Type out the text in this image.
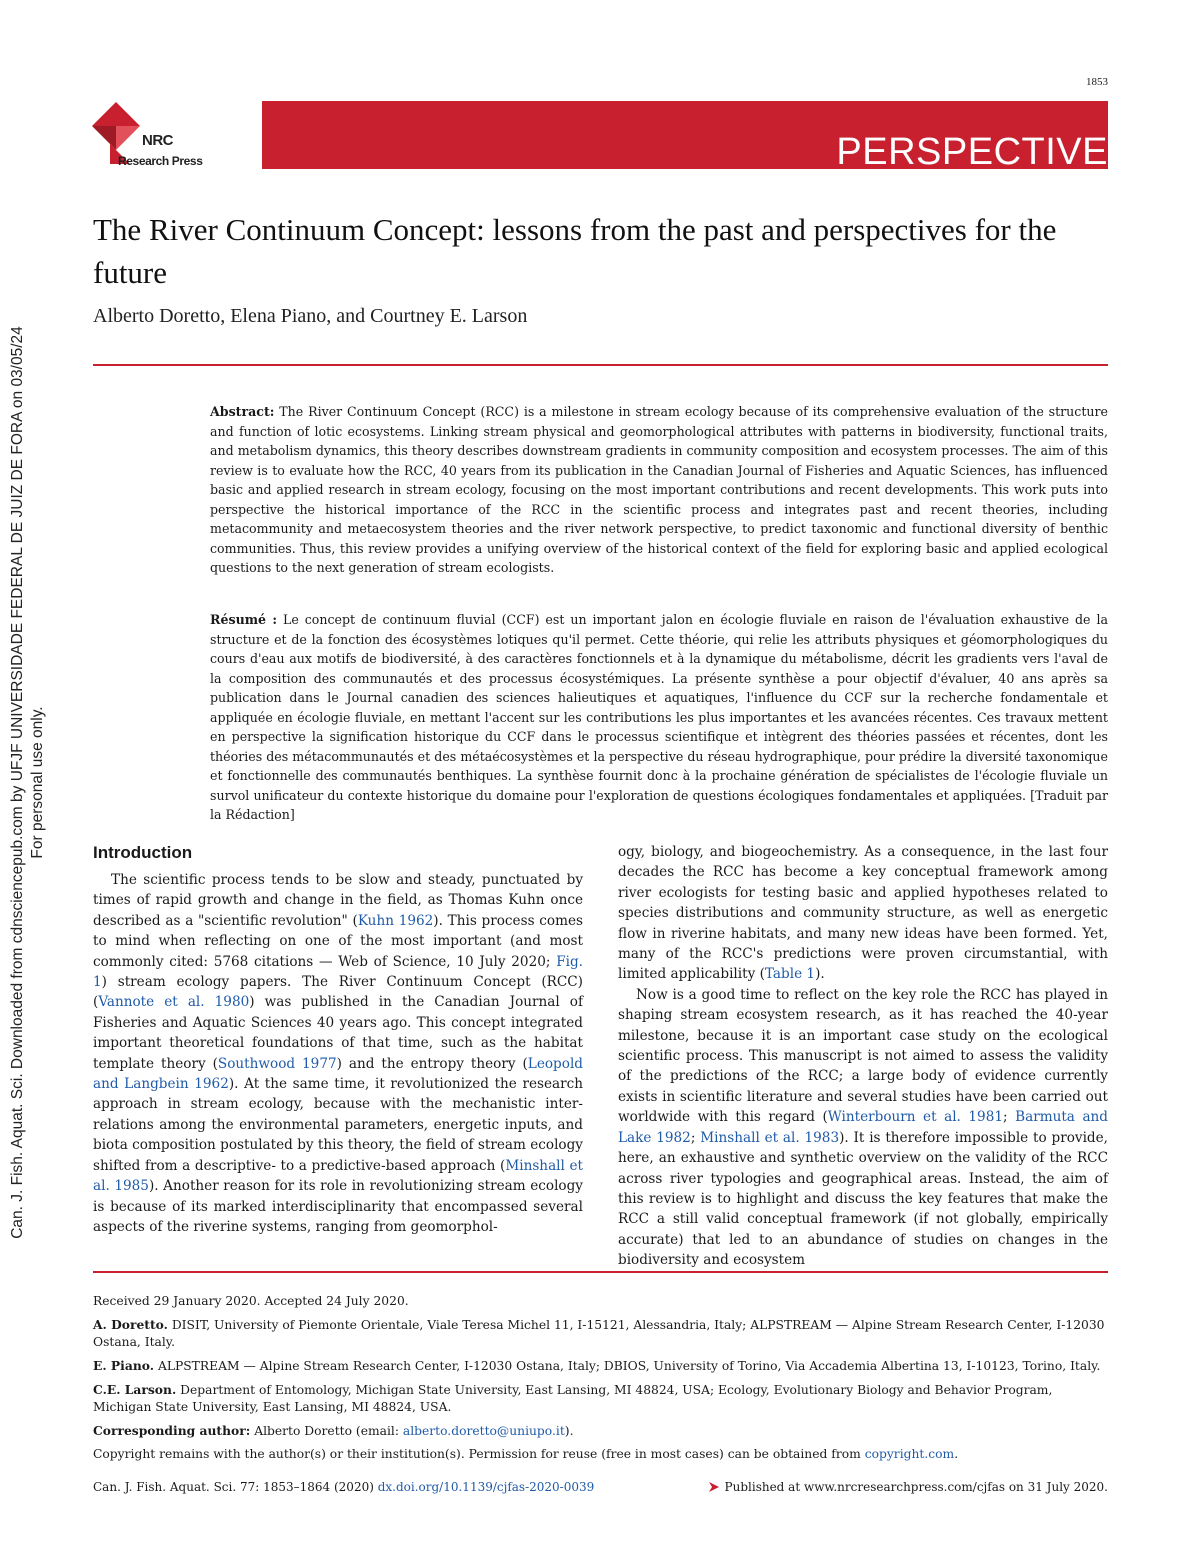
1853
NRC
Research Press	PERSPECTIVE
The River Continuum Concept: lessons from the past and perspectives for the future
Alberto Doretto, Elena Piano, and Courtney E. Larson

Abstract: The River Continuum Concept (RCC) is a milestone in stream ecology because of its comprehensive evaluation of the structure and function of lotic ecosystems. Linking stream physical and geomorphological attributes with patterns in biodiversity, functional traits, and metabolism dynamics, this theory describes downstream gradients in community composition and ecosystem processes. The aim of this review is to evaluate how the RCC, 40 years from its publication in the Canadian Journal of Fisheries and Aquatic Sciences, has influenced basic and applied research in stream ecology, focusing on the most important contributions and recent developments. This work puts into perspective the historical importance of the RCC in the scientific process and integrates past and recent theories, including metacommunity and metaecosystem theories and the river network perspective, to predict taxonomic and functional diversity of benthic communities. Thus, this review provides a unifying overview of the historical context of the field for exploring basic and applied ecological questions to the next generation of stream ecologists.

Résumé : Le concept de continuum fluvial (CCF) est un important jalon en écologie fluviale en raison de l'évaluation exhaustive de la structure et de la fonction des écosystèmes lotiques qu'il permet. Cette théorie, qui relie les attributs physiques et géomorphologiques du cours d'eau aux motifs de biodiversité, à des caractères fonctionnels et à la dynamique du métabolisme, décrit les gradients vers l'aval de la composition des communautés et des processus écosystémiques. La présente synthèse a pour objectif d'évaluer, 40 ans après sa publication dans le Journal canadien des sciences halieutiques et aquatiques, l'influence du CCF sur la recherche fondamentale et appliquée en écologie fluviale, en mettant l'accent sur les contributions les plus importantes et les avancées récentes. Ces travaux mettent en perspective la signification historique du CCF dans le processus scientifique et intègrent des théories passées et récentes, dont les théories des métacommunautés et des métaécosystèmes et la perspective du réseau hydrographique, pour prédire la diversité taxonomique et fonctionnelle des communautés benthiques. La synthèse fournit donc à la prochaine génération de spécialistes de l'écologie fluviale un survol unificateur du contexte historique du domaine pour l'exploration de questions écologiques fondamentales et appliquées. [Traduit par la Rédaction]

Can. J. Fish. Aquat. Sci. Downloaded from cdnsciencepub.com by UFJF UNIVERSIDADE FEDERAL DE JUIZ DE FORA on 03/05/24 For personal use only.	Introduction

The scientific process tends to be slow and steady, punctuated by times of rapid growth and change in the field, as Thomas Kuhn once described as a "scientific revolution" (Kuhn 1962). This process comes to mind when reflecting on one of the most important (and most commonly cited: 5768 citations — Web of Science, 10 July 2020; Fig. 1) stream ecology papers. The River Continuum Concept (RCC) (Vannote et al. 1980) was published in the Canadian Journal of Fisheries and Aquatic Sciences 40 years ago. This concept integrated important theoretical foundations of that time, such as the habitat template theory (Southwood 1977) and the entropy theory (Leopold and Langbein 1962). At the same time, it revolutionized the research approach in stream ecology, because with the mechanistic inter-relations among the environmental parameters, energetic inputs, and biota composition postulated by this theory, the field of stream ecology shifted from a descriptive- to a predictive-based approach (Minshall et al. 1985). Another reason for its role in revolutionizing stream ecology is because of its marked interdisciplinarity that encompassed several aspects of the riverine systems, ranging from geomorphol-

ogy, biology, and biogeochemistry. As a consequence, in the last four decades the RCC has become a key conceptual framework among river ecologists for testing basic and applied hypotheses related to species distributions and community structure, as well as energetic flow in riverine habitats, and many new ideas have been formed. Yet, many of the RCC's predictions were proven circumstantial, with limited applicability (Table 1).

Now is a good time to reflect on the key role the RCC has played in shaping stream ecosystem research, as it has reached the 40-year milestone, because it is an important case study on the ecological scientific process. This manuscript is not aimed to assess the validity of the predictions of the RCC; a large body of evidence currently exists in scientific literature and several studies have been carried out worldwide with this regard (Winterbourn et al. 1981; Barmuta and Lake 1982; Minshall et al. 1983). It is therefore impossible to provide, here, an exhaustive and synthetic overview on the validity of the RCC across river typologies and geographical areas. Instead, the aim of this review is to highlight and discuss the key features that make the RCC a still valid conceptual framework (if not globally, empirically accurate) that led to an abundance of studies on changes in the biodiversity and ecosystem

Received 29 January 2020. Accepted 24 July 2020.

A. Doretto. DISIT, University of Piemonte Orientale, Viale Teresa Michel 11, I-15121, Alessandria, Italy; ALPSTREAM — Alpine Stream Research Center, I-12030 Ostana, Italy.

E. Piano. ALPSTREAM — Alpine Stream Research Center, I-12030 Ostana, Italy; DBIOS, University of Torino, Via Accademia Albertina 13, I-10123, Torino, Italy.

C.E. Larson. Department of Entomology, Michigan State University, East Lansing, MI 48824, USA; Ecology, Evolutionary Biology and Behavior Program, Michigan State University, East Lansing, MI 48824, USA.

Corresponding author: Alberto Doretto (email: alberto.doretto@uniupo.it).

Copyright remains with the author(s) or their institution(s). Permission for reuse (free in most cases) can be obtained from copyright.com.

Can. J. Fish. Aquat. Sci. 77: 1853–1864 (2020) dx.doi.org/10.1139/cjfas-2020-0039	Published at www.nrcresearchpress.com/cjfas on 31 July 2020.
